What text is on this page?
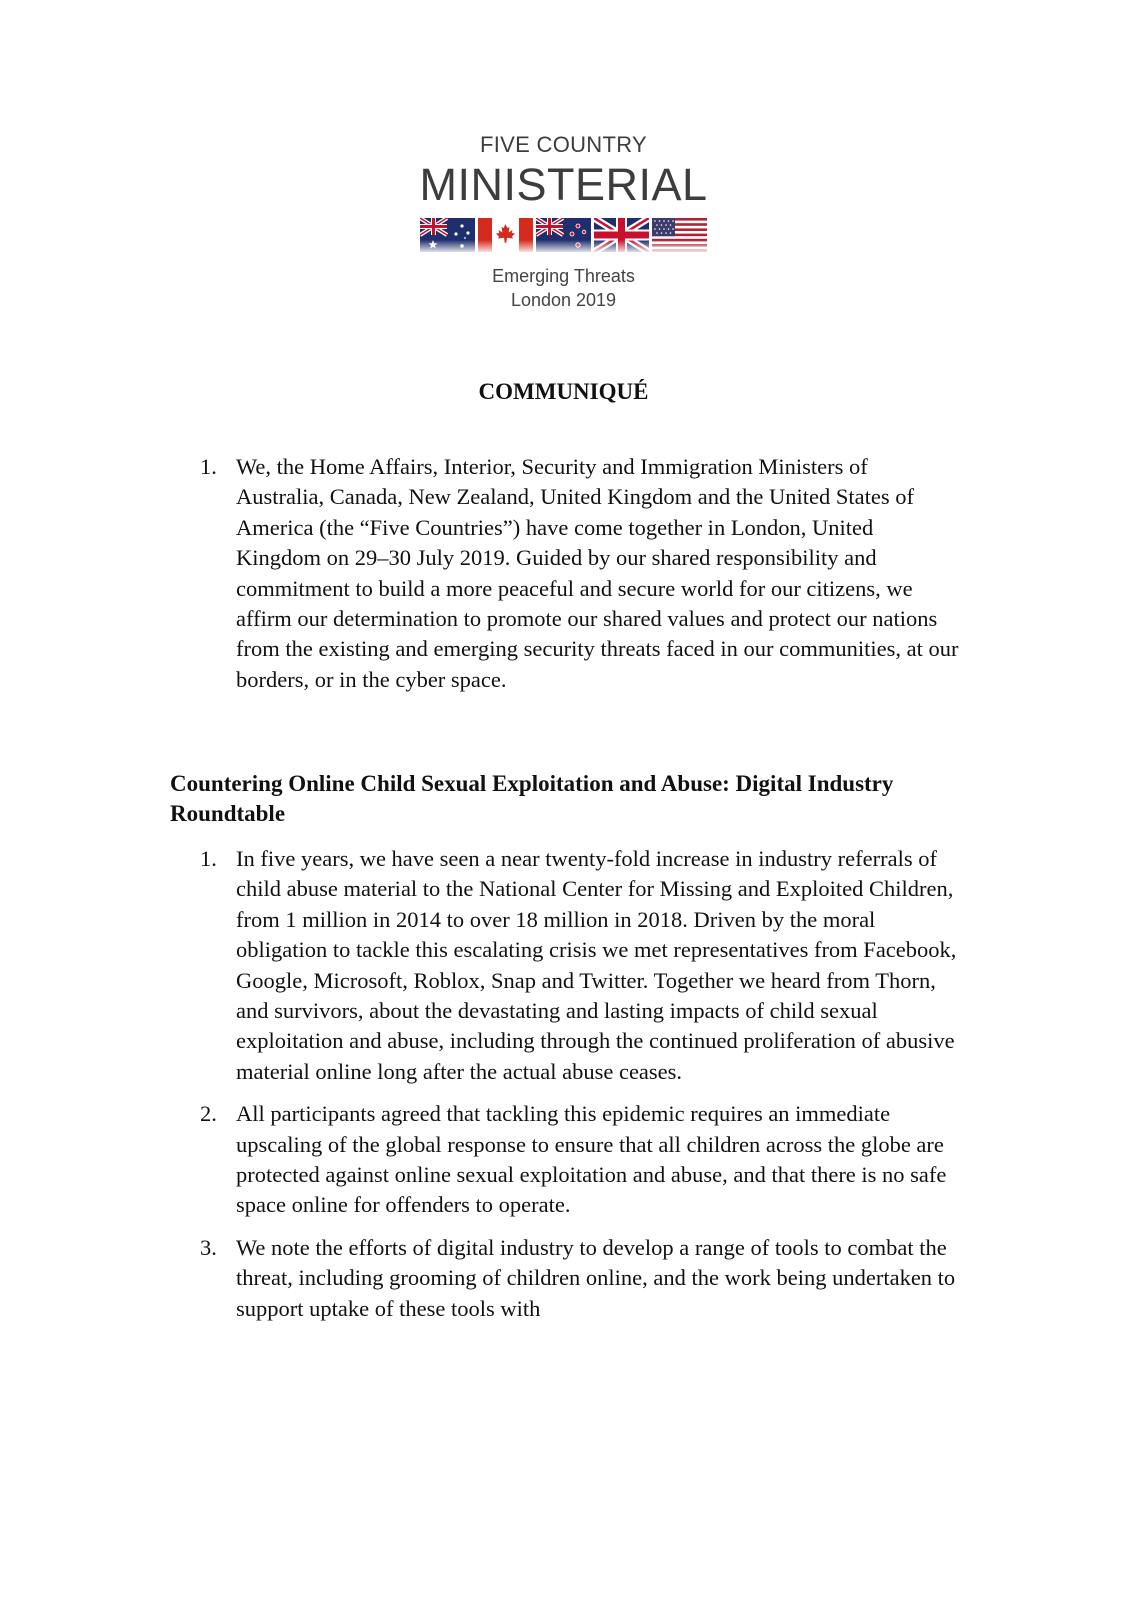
FIVE COUNTRY
MINISTERIAL
Emerging Threats
London 2019
COMMUNIQUÉ
1. We, the Home Affairs, Interior, Security and Immigration Ministers of Australia, Canada, New Zealand, United Kingdom and the United States of America (the “Five Countries”) have come together in London, United Kingdom on 29–30 July 2019. Guided by our shared responsibility and commitment to build a more peaceful and secure world for our citizens, we affirm our determination to promote our shared values and protect our nations from the existing and emerging security threats faced in our communities, at our borders, or in the cyber space.
Countering Online Child Sexual Exploitation and Abuse: Digital Industry Roundtable
1. In five years, we have seen a near twenty-fold increase in industry referrals of child abuse material to the National Center for Missing and Exploited Children, from 1 million in 2014 to over 18 million in 2018. Driven by the moral obligation to tackle this escalating crisis we met representatives from Facebook, Google, Microsoft, Roblox, Snap and Twitter. Together we heard from Thorn, and survivors, about the devastating and lasting impacts of child sexual exploitation and abuse, including through the continued proliferation of abusive material online long after the actual abuse ceases.
2. All participants agreed that tackling this epidemic requires an immediate upscaling of the global response to ensure that all children across the globe are protected against online sexual exploitation and abuse, and that there is no safe space online for offenders to operate.
3. We note the efforts of digital industry to develop a range of tools to combat the threat, including grooming of children online, and the work being undertaken to support uptake of these tools with
